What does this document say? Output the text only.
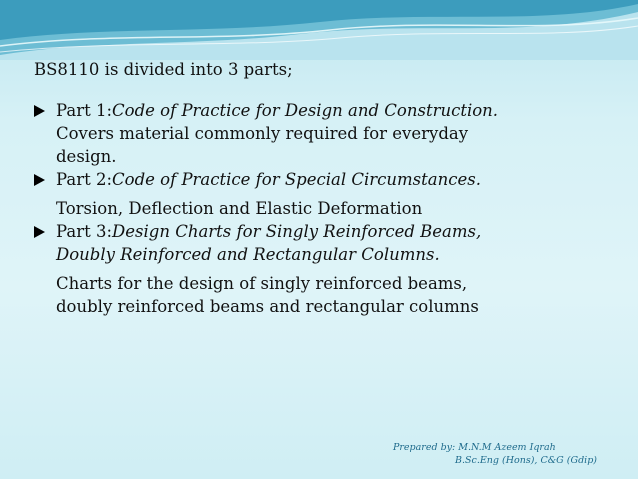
BS8110 is divided into 3 parts;
Part 1: Code of Practice for Design and Construction.
Covers material commonly required for everyday
design.
Part 2: Code of Practice for Special Circumstances.
Torsion, Deflection and Elastic Deformation
Part 3: Design Charts for Singly Reinforced Beams,
Doubly Reinforced and Rectangular Columns.
Charts for the design of singly reinforced beams,
doubly reinforced beams and rectangular columns
Prepared by: M.N.M Azeem Iqrah
B.Sc.Eng (Hons), C&G (Gdip)
